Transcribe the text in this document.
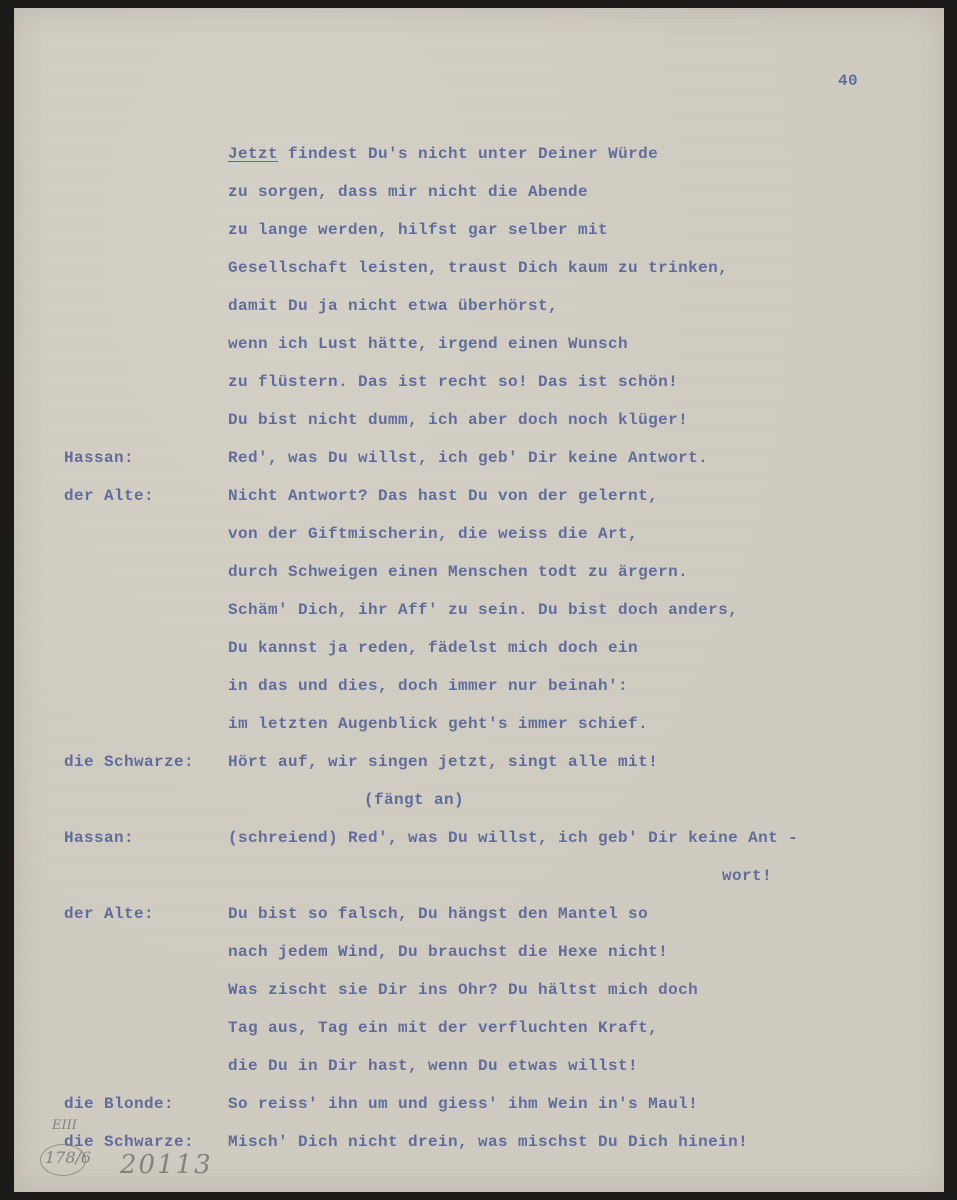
40
Jetzt findest Du's nicht unter Deiner Würde
zu sorgen, dass mir nicht die Abende
zu lange werden, hilfst gar selber mit
Gesellschaft leisten, traust Dich kaum zu trinken,
damit Du ja nicht etwa überhörst,
wenn ich Lust hätte, irgend einen Wunsch
zu flüstern. Das ist recht so! Das ist schön!
Du bist nicht dumm, ich aber doch noch klüger!
Hassan:	Red', was Du willst, ich geb' Dir keine Antwort.
der Alte:	Nicht Antwort? Das hast Du von der gelernt,
von der Giftmischerin, die weiss die Art,
durch Schweigen einen Menschen todt zu ärgern.
Schäm' Dich, ihr Aff' zu sein. Du bist doch anders,
Du kannst ja reden, fädelst mich doch ein
in das und dies, doch immer nur beinah':
im letzten Augenblick geht's immer schief.
die Schwarze: Hört auf, wir singen jetzt, singt alle mit!
(fängt an)
Hassan:	(schreiend) Red', was Du willst, ich geb' Dir keine Ant -
wort!
der Alte:	Du bist so falsch, Du hängst den Mantel so
nach jedem Wind, Du brauchst die Hexe nicht!
Was zischt sie Dir ins Ohr? Du hältst mich doch
Tag aus, Tag ein mit der verfluchten Kraft,
die Du in Dir hast, wenn Du etwas willst!
die Blonde:	So reiss' ihn um und giess' ihm Wein in's Maul!
die Schwarze: Misch' Dich nicht drein, was mischst Du Dich hinein!
EIII
178/6 20113
